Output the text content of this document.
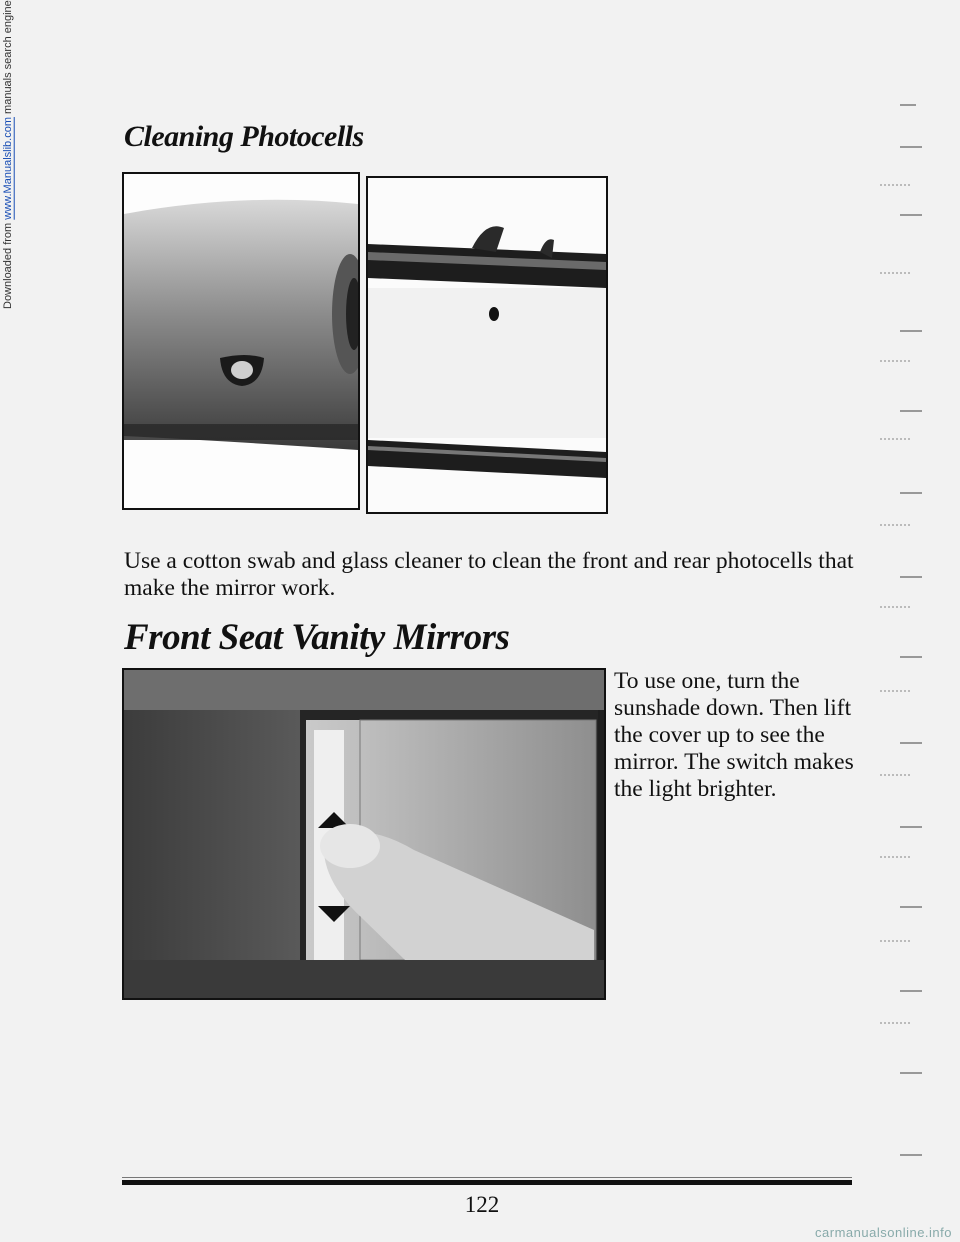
Downloaded from www.Manualslib.com manuals search engine
Cleaning Photocells

Use a cotton swab and glass cleaner to clean the front and rear photocells that make the mirror work.

Front Seat Vanity Mirrors

To use one, turn the sunshade down. Then lift the cover up to see the mirror. The switch makes the light brighter.

122
carmanualsonline.info
